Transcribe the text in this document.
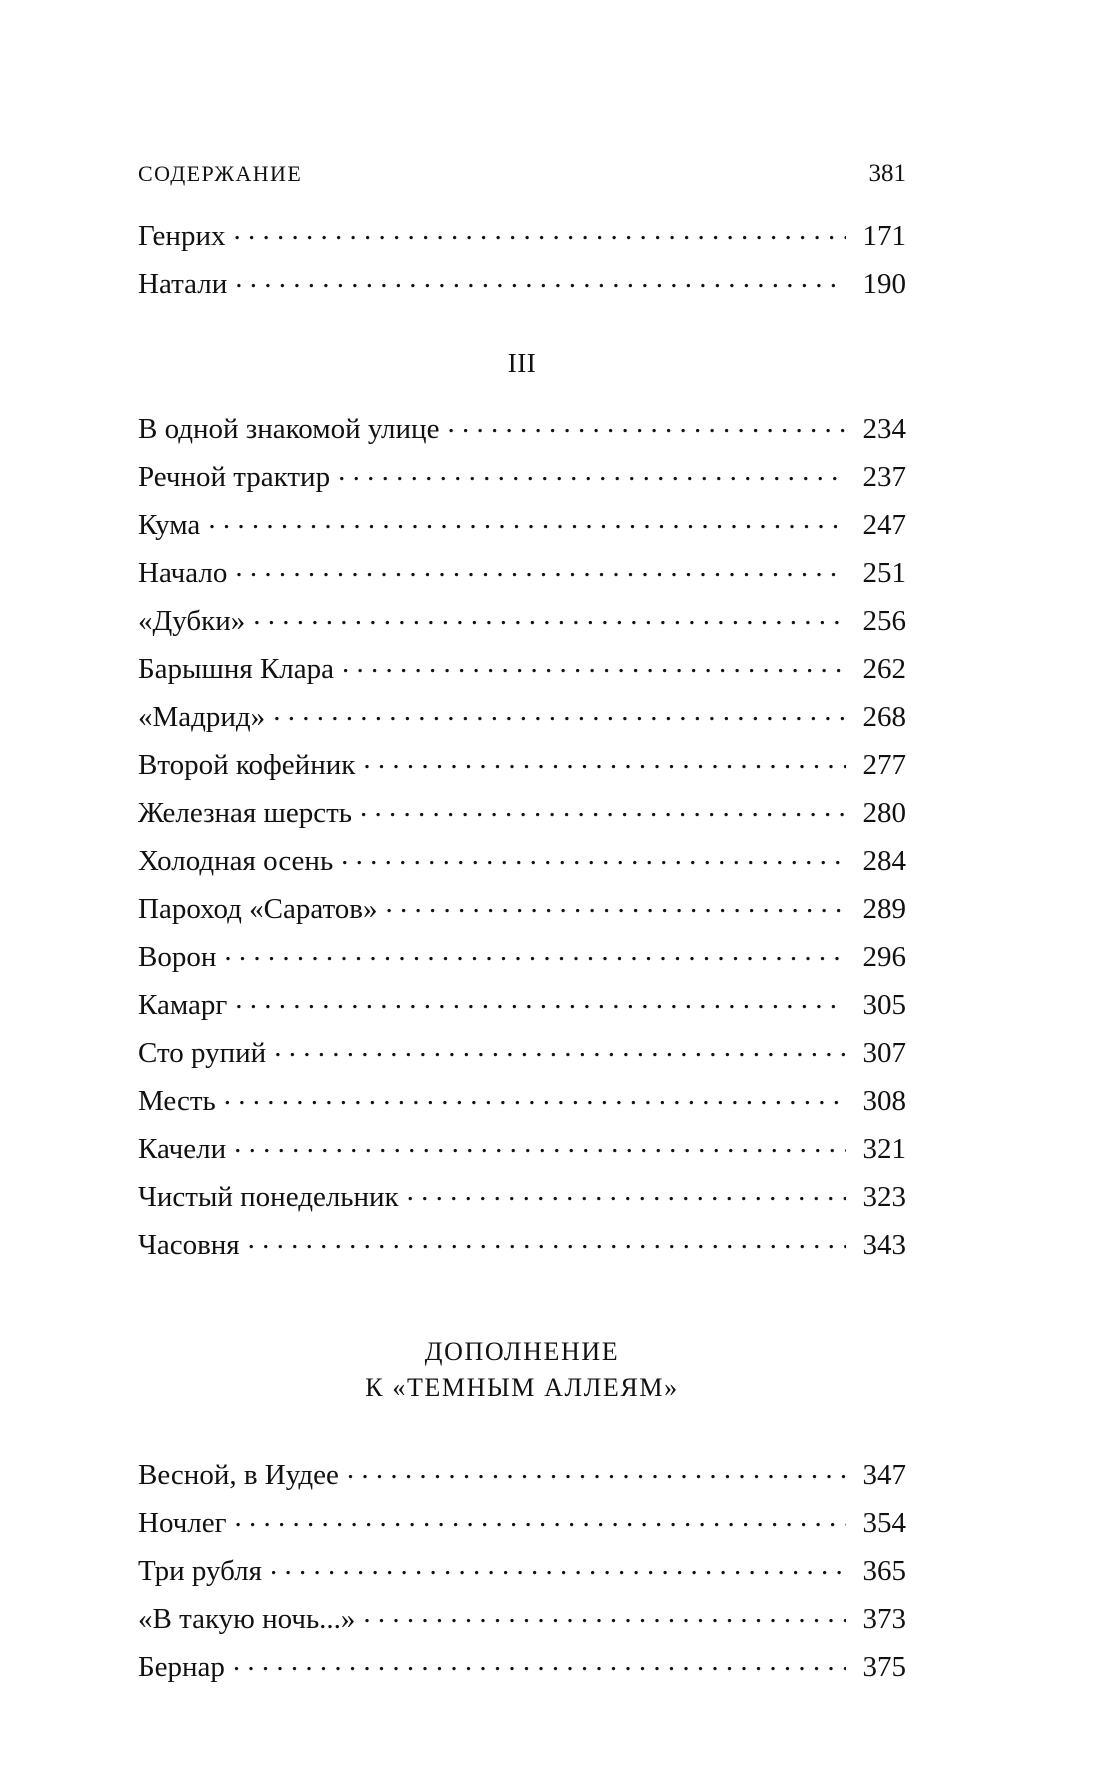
СОДЕРЖАНИЕ	381
Генрих . . .	171
Натали . . .	190
III
В одной знакомой улице . . .	234
Речной трактир . . .	237
Кума . . .	247
Начало . . .	251
«Дубки» . . .	256
Барышня Клара . . .	262
«Мадрид» . . .	268
Второй кофейник . . .	277
Железная шерсть . . .	280
Холодная осень . . .	284
Пароход «Саратов» . . .	289
Ворон . . .	296
Камарг . . .	305
Сто рупий . . .	307
Месть . . .	308
Качели . . .	321
Чистый понедельник . . .	323
Часовня . . .	343
ДОПОЛНЕНИЕ
К «ТЕМНЫМ АЛЛЕЯМ»
Весной, в Иудее . . .	347
Ночлег . . .	354
Три рубля . . .	365
«В такую ночь...» . . .	373
Бернар . . .	375
